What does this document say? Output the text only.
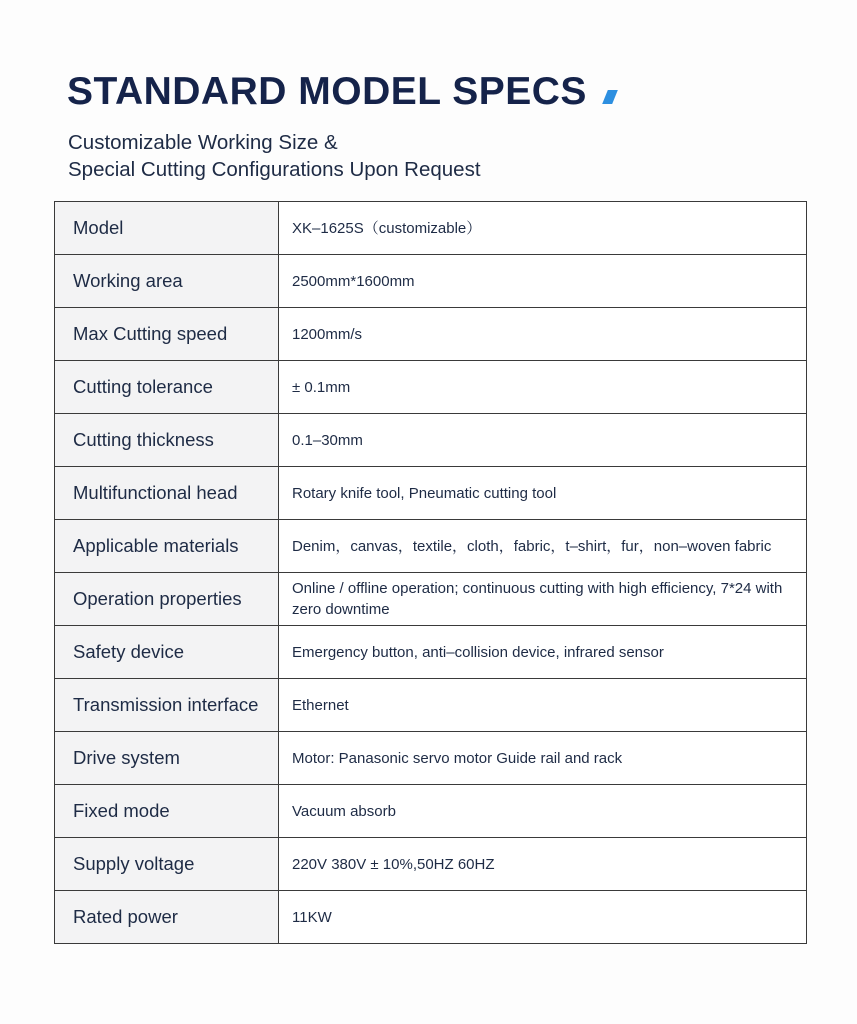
STANDARD MODEL SPECS
Customizable Working Size &
Special Cutting Configurations Upon Request
Model	XK–1625S（customizable）
Working area	2500mm*1600mm
Max Cutting speed	1200mm/s
Cutting tolerance	± 0.1mm
Cutting thickness	0.1–30mm
Multifunctional head	Rotary knife tool, Pneumatic cutting tool
Applicable materials	Denim，canvas，textile，cloth，fabric，t–shirt，fur，non–woven fabric
Operation properties	Online / offline operation; continuous cutting with high efficiency, 7*24 with zero downtime
Safety device	Emergency button, anti–collision device, infrared sensor
Transmission interface	Ethernet
Drive system	Motor: Panasonic servo motor Guide rail and rack
Fixed mode	Vacuum absorb
Supply voltage	220V 380V ± 10%,50HZ 60HZ
Rated power	11KW
